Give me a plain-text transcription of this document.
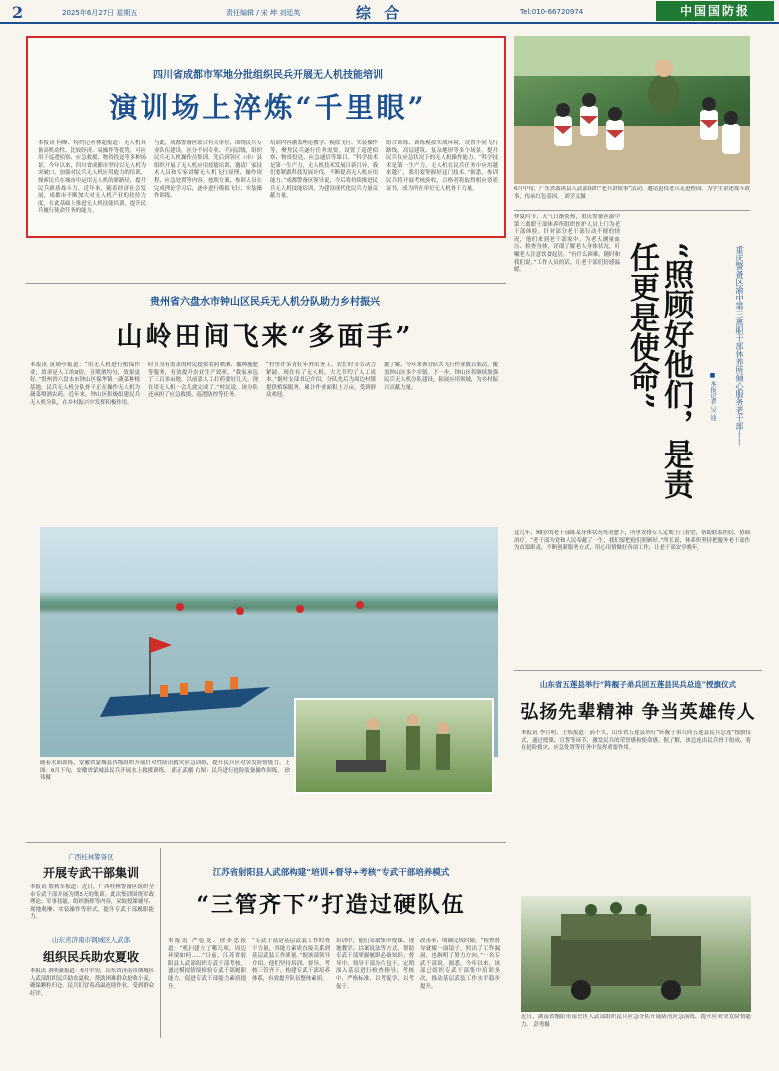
2	2025年6月27日 星期五	责任编辑 / 宋 坤 刘廷英	综 合	Tel:010-66720974	中国国防报
四川省成都市军地分批组织民兵开展无人机技能培训
演训场上淬炼“千里眼”
本报讯 何峰、特约记者林超报道：无人机具备高机动性、比较经济、易操作等优势，可应用于巡逻侦察、应急救援、物资投送等多种场景。今年以来，四川省成都市坚持以无人机为突破口，加强对民兵无人机应用能力的培训，探索民兵在城市中运用无人机的新路径，提升民兵新质战斗力。近年来，随着经济社会发展，成都市不断加大对无人机产业的扶持力度，在此基础上推进无人机技能培训，提升民兵履行使命任务的能力。
与此，成都警备区联合有关单位，围绕民兵专业队伍建设，区分不同专业、不同层级，组织民兵无人机操作员集训。先后到各区（市）县组织开展了无人机应用技能培训，邀请厂家技术人员和专家讲解无人机飞行原理、操作规程、应急处置等内容。按照方案，参训人员在完成理论学习后，逐步进行模拟飞行、实装操作训练。
培训内容涵盖理论教学、模拟飞行、实装操作等，聚焦民兵遂行任务需要，设置了巡逻侦察、物资投送、应急通信等课目。“科学技术是第一生产力，无人机技术发展日新月异，我们要紧跟科技发展步伐，不断提高无人机应用能力。”成都警备区领导说，今后将持续推进民兵无人机技能培训，为建设现代化民兵力量贡献力量。
组合训练、训练模拟实战环境，设置不同飞行路线，高层建筑、复杂地形等多个场景，提升民兵在应急状况下的无人机操作能力。“科学技术是第一生产力，无人机在民兵任务中应用越来越广，我们要掌握好这门技术。”据悉，参训民兵将开展考核验收，合格者将取得相应资质证书，成为所在单位无人机骨干力量。	6月中旬，广东省番禺县人武部组织“老兵讲故事”活动，邀请退役老兵走进校园，为学生讲述战斗故事，传承红色基因。 刘学义摄
仲夏时节，天气日渐炎热，重庆警备区渝中第三离职干部休养所组织医护人员上门为老干部体检。针对部分老干部行动不便的情况，他们来到老干部家中，为老人测量血压、检查身体，详细了解老人身体状况，叮嘱老人注意饮食起居。“有什么困难，随时和我们说。”工作人员的话，让老干部们倍感温暖。	重庆警备区渝中第三离职干部休养所倾心服务老干部——
“照顾好他们，是责任更是使命”	■ 本报记者 吴 迪
这几年，98岁的老干部陈某身体状况每况愈下，所里安排专人定期上门看望，帮助联系医院、协调治疗。“老干部为党和人民奉献了一生，我们要把他们照顾好。”所长说，休养所坚持把服务老干部作为首要职责，不断创新服务方式，用心用情做好各项工作，让老干部安享晚年。
山东省五莲县举行“阵舰子弟兵回五莲县民兵总连”授旗仪式
弘扬先辈精神 争当英雄传人
本报讯 李月明、王炼报道：前不久，山东省五莲县举行“阵舰子弟兵回五莲县民兵总连”授旗仪式，通过授旗、宣誓等环节，激发民兵的荣誉感和使命感。据了解，该总连由民兵骨干组成，将在抢险救灾、应急处置等任务中发挥重要作用。
近日，湖南省衡阳市南岳区人武部组织民兵应急分队开展防汛应急演练，提升应对突发险情能力。 彭勇摄
贵州省六盘水市钟山区民兵无人机分队助力乡村振兴
山岭田间飞来“多面手”
本报讯 黄勋亭报道：“用无人机进行植保作业，效率是人工的8倍，且喷洒均匀，效果更好。”贵州省六盘水市钟山区保华镇一蔬菜种植基地，民兵无人机分队骨干正在操作无人机为蔬菜喷洒农药。近年来，钟山区积极组建民兵无人机分队，在乡村振兴中发挥积极作用。
时节为有需求的村民提供农药喷洒、播种施肥等服务，有效提升农业生产效率。“我家承包了三百多亩地，以前靠人工打药要好几天，现在用无人机一会儿就完成了。”村民说。该分队还承担了应急救援、巡逻防控等任务。
“村里许多青壮年外出务工，农忙时节劳动力紧缺。现在有了无人机，大大节约了人工成本。”据村支部书记介绍，分队先后为周边村镇提供植保服务，累计作业面积上万亩，受到群众欢迎。
据了解，今年来该分队共飞行作业数百架次，覆盖钟山区多个乡镇。下一步，钟山区将继续加强民兵无人机分队建设，拓展应用领域，为乡村振兴贡献力量。
随着水面训练，安徽省蒙城县各级组织开展针对性防汛救灾应急训练，提升民兵应对突发险情能力。上图：6月下旬，安徽省蒙城县民兵开展水上救援训练。 郭正武摄 右图：民兵进行抢险装备操作训练。 徐 伟摄
广西桂林警备区
开展专武干部集训
本报讯 殷秋军报道：近日，广西桂林警备区组织全市专武干部开展为期5天的集训。此次集训围绕军政理论、军事技能、组织指挥等内容，采取授课辅导、现地观摩、实装操作等形式，提升专武干部履职能力。
山东省济南市钢城区人武部
组织民兵助农夏收
本报讯 刘明豪报道：6月中旬，山东省济南市钢城区人武部组织民兵助农夏收，帮助困难群众抢收小麦，确保颗粒归仓。民兵们冒着高温连续作业，受到群众好评。
江苏省射阳县人武部构建“培训+督导+考核”专武干部培养模式
“三管齐下”打造过硬队伍
本报讯 严乾龙、徐步忠报道：“机扫建立了哪几项，周边环境如何……”日前，江苏省射阳县人武部组织专武干部考核，通过模拟情境检验专武干部履职能力，促进专武干部能力素质提升。
“专武干部是基层武装工作的骨干力量，其能力素质直接关系到基层武装工作质量。”据该部领导介绍，他们坚持培训、督导、考核三管齐下，构建专武干部培养体系，有效提升队伍整体素质。
培训中，他们采取集中授课、现地教学、以案说法等方式，帮助专武干部掌握履职必备知识；督导中，领导干部分片包干，定期深入基层进行检查指导；考核中，严格标准，以考促学、以考促干。
改善率、明确完成时限。“检查督导就像一面镜子，照出了工作漏洞，也指明了努力方向。”一名专武干部说。据悉，今年以来，该部已组织专武干部集中培训多次，推动基层武装工作水平稳步提升。
